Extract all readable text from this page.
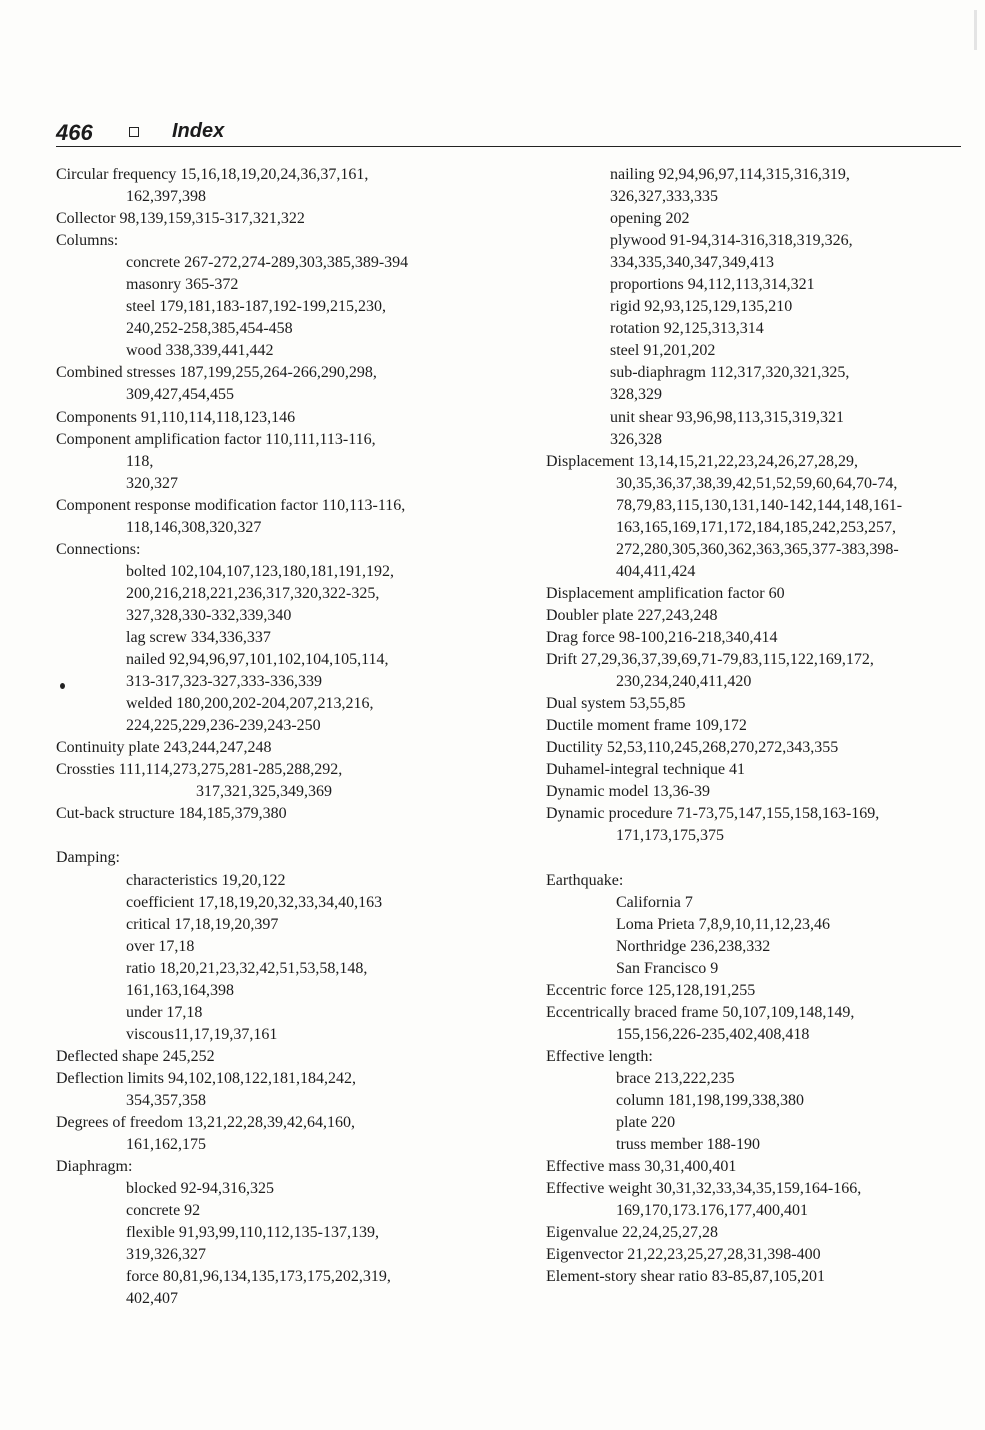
466	Index
Circular frequency 15,16,18,19,20,24,36,37,161,
162,397,398
Collector 98,139,159,315-317,321,322
Columns:
concrete 267-272,274-289,303,385,389-394
masonry 365-372
steel 179,181,183-187,192-199,215,230,
240,252-258,385,454-458
wood 338,339,441,442
Combined stresses 187,199,255,264-266,290,298,
309,427,454,455
Components 91,110,114,118,123,146
Component amplification factor 110,111,113-116,
118,
320,327
Component response modification factor 110,113-116,
118,146,308,320,327
Connections:
bolted 102,104,107,123,180,181,191,192,
200,216,218,221,236,317,320,322-325,
327,328,330-332,339,340
lag screw 334,336,337
nailed 92,94,96,97,101,102,104,105,114,
313-317,323-327,333-336,339
welded 180,200,202-204,207,213,216,
224,225,229,236-239,243-250
Continuity plate 243,244,247,248
Crossties 111,114,273,275,281-285,288,292,
317,321,325,349,369
Cut-back structure 184,185,379,380
Damping:
characteristics 19,20,122
coefficient 17,18,19,20,32,33,34,40,163
critical 17,18,19,20,397
over 17,18
ratio 18,20,21,23,32,42,51,53,58,148,
161,163,164,398
under 17,18
viscous11,17,19,37,161
Deflected shape 245,252
Deflection limits 94,102,108,122,181,184,242,
354,357,358
Degrees of freedom 13,21,22,28,39,42,64,160,
161,162,175
Diaphragm:
blocked 92-94,316,325
concrete 92
flexible 91,93,99,110,112,135-137,139,
319,326,327
force 80,81,96,134,135,173,175,202,319,
402,407
nailing 92,94,96,97,114,315,316,319,
326,327,333,335
opening 202
plywood 91-94,314-316,318,319,326,
334,335,340,347,349,413
proportions 94,112,113,314,321
rigid 92,93,125,129,135,210
rotation 92,125,313,314
steel 91,201,202
sub-diaphragm 112,317,320,321,325,
328,329
unit shear 93,96,98,113,315,319,321
326,328
Displacement 13,14,15,21,22,23,24,26,27,28,29,
30,35,36,37,38,39,42,51,52,59,60,64,70-74,
78,79,83,115,130,131,140-142,144,148,161-
163,165,169,171,172,184,185,242,253,257,
272,280,305,360,362,363,365,377-383,398-
404,411,424
Displacement amplification factor 60
Doubler plate 227,243,248
Drag force 98-100,216-218,340,414
Drift 27,29,36,37,39,69,71-79,83,115,122,169,172,
230,234,240,411,420
Dual system 53,55,85
Ductile moment frame 109,172
Ductility 52,53,110,245,268,270,272,343,355
Duhamel-integral technique 41
Dynamic model 13,36-39
Dynamic procedure 71-73,75,147,155,158,163-169,
171,173,175,375
Earthquake:
California 7
Loma Prieta 7,8,9,10,11,12,23,46
Northridge 236,238,332
San Francisco 9
Eccentric force 125,128,191,255
Eccentrically braced frame 50,107,109,148,149,
155,156,226-235,402,408,418
Effective length:
brace 213,222,235
column 181,198,199,338,380
plate 220
truss member 188-190
Effective mass 30,31,400,401
Effective weight 30,31,32,33,34,35,159,164-166,
169,170,173.176,177,400,401
Eigenvalue 22,24,25,27,28
Eigenvector 21,22,23,25,27,28,31,398-400
Element-story shear ratio 83-85,87,105,201
